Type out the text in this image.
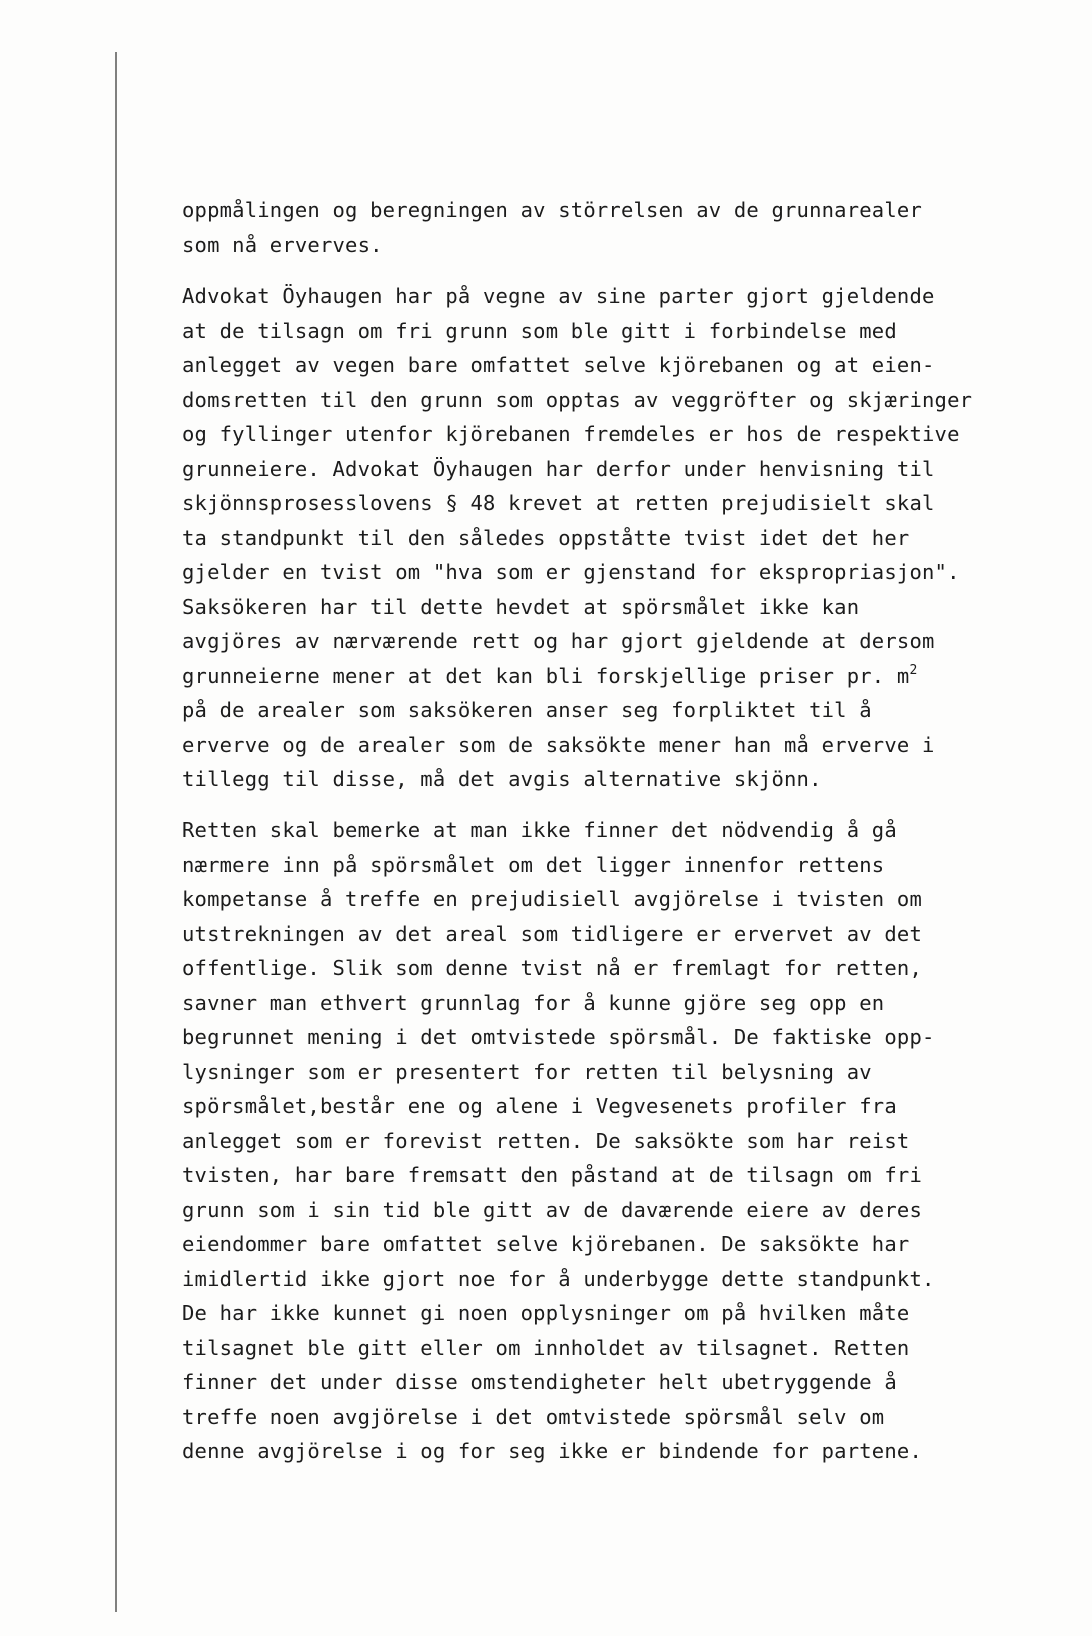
oppmålingen og beregningen av störrelsen av de grunnarealer
som nå erverves.
Advokat Öyhaugen har på vegne av sine parter gjort gjeldende
at de tilsagn om fri grunn som ble gitt i forbindelse med
anlegget av vegen bare omfattet selve kjörebanen og at eien-
domsretten til den grunn som opptas av veggröfter og skjæringer
og fyllinger utenfor kjörebanen fremdeles er hos de respektive
grunneiere. Advokat Öyhaugen har derfor under henvisning til
skjönnsprosesslovens § 48 krevet at retten prejudisielt skal
ta standpunkt til den således oppståtte tvist idet det her
gjelder en tvist om "hva som er gjenstand for ekspropriasjon".
Saksökeren har til dette hevdet at spörsmålet ikke kan
avgjöres av nærværende rett og har gjort gjeldende at dersom
grunneierne mener at det kan bli forskjellige priser pr. $m^2$
på de arealer som saksökeren anser seg forpliktet til å
erverve og de arealer som de saksökte mener han må erverve i
tillegg til disse, må det avgis alternative skjönn.
Retten skal bemerke at man ikke finner det nödvendig å gå
nærmere inn på spörsmålet om det ligger innenfor rettens
kompetanse å treffe en prejudisiell avgjörelse i tvisten om
utstrekningen av det areal som tidligere er ervervet av det
offentlige. Slik som denne tvist nå er fremlagt for retten,
savner man ethvert grunnlag for å kunne gjöre seg opp en
begrunnet mening i det omtvistede spörsmål. De faktiske opp-
lysninger som er presentert for retten til belysning av
spörsmålet,består ene og alene i Vegvesenets profiler fra
anlegget som er forevist retten. De saksökte som har reist
tvisten, har bare fremsatt den påstand at de tilsagn om fri
grunn som i sin tid ble gitt av de daværende eiere av deres
eiendommer bare omfattet selve kjörebanen. De saksökte har
imidlertid ikke gjort noe for å underbygge dette standpunkt.
De har ikke kunnet gi noen opplysninger om på hvilken måte
tilsagnet ble gitt eller om innholdet av tilsagnet. Retten
finner det under disse omstendigheter helt ubetryggende å
treffe noen avgjörelse i det omtvistede spörsmål selv om
denne avgjörelse i og for seg ikke er bindende for partene.
